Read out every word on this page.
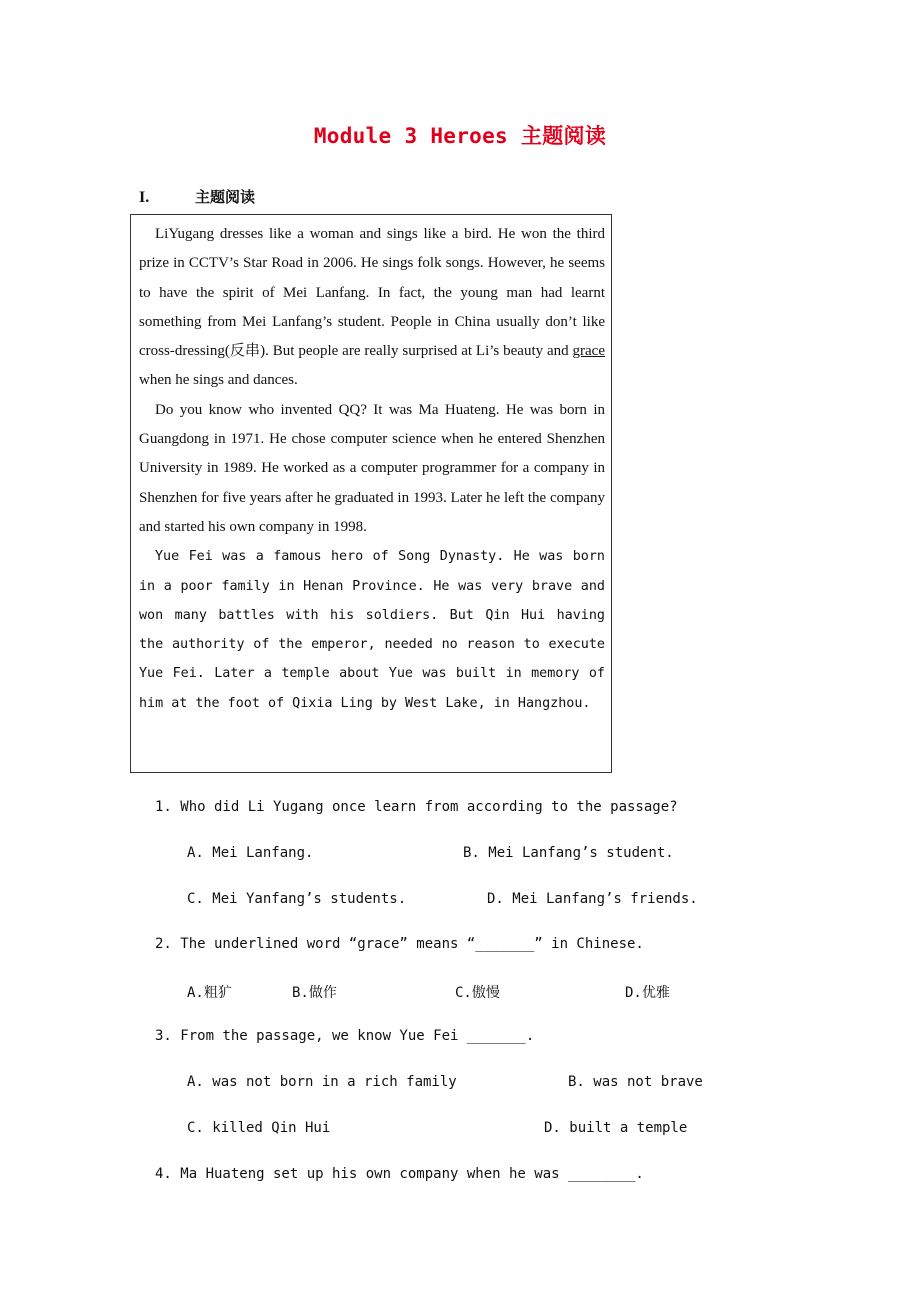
Module 3 Heroes 主题阅读
I.	主题阅读

LiYugang dresses like a woman and sings like a bird. He won the third prize in CCTV’s Star Road in 2006. He sings folk songs. However, he seems to have the spirit of Mei Lanfang. In fact, the young man had learnt something from Mei Lanfang’s student. People in China usually don’t like cross-dressing(反串). But people are really surprised at Li’s beauty and grace when he sings and dances.

Do you know who invented QQ? It was Ma Huateng. He was born in Guangdong in 1971. He chose computer science when he entered Shenzhen University in 1989. He worked as a computer programmer for a company in Shenzhen for five years after he graduated in 1993. Later he left the company and started his own company in 1998.

Yue Fei was a famous hero of Song Dynasty. He was born in a poor family in Henan Province. He was very brave and won many battles with his soldiers. But Qin Hui having the authority of the emperor, needed no reason to execute Yue Fei. Later a temple about Yue was built in memory of him at the foot of Qixia Ling by West Lake, in Hangzhou.

1. Who did Li Yugang once learn from according to the passage?
A. Mei Lanfang.	B. Mei Lanfang’s student.
C. Mei Yanfang’s students.	D. Mei Lanfang’s friends.
2. The underlined word “grace” means “_______” in Chinese.
A.粗犷	B.做作	C.傲慢	D.优雅
3. From the passage, we know Yue Fei _______.
A. was not born in a rich family	B. was not brave
C. killed Qin Hui	D. built a temple
4. Ma Huateng set up his own company when he was ________.
